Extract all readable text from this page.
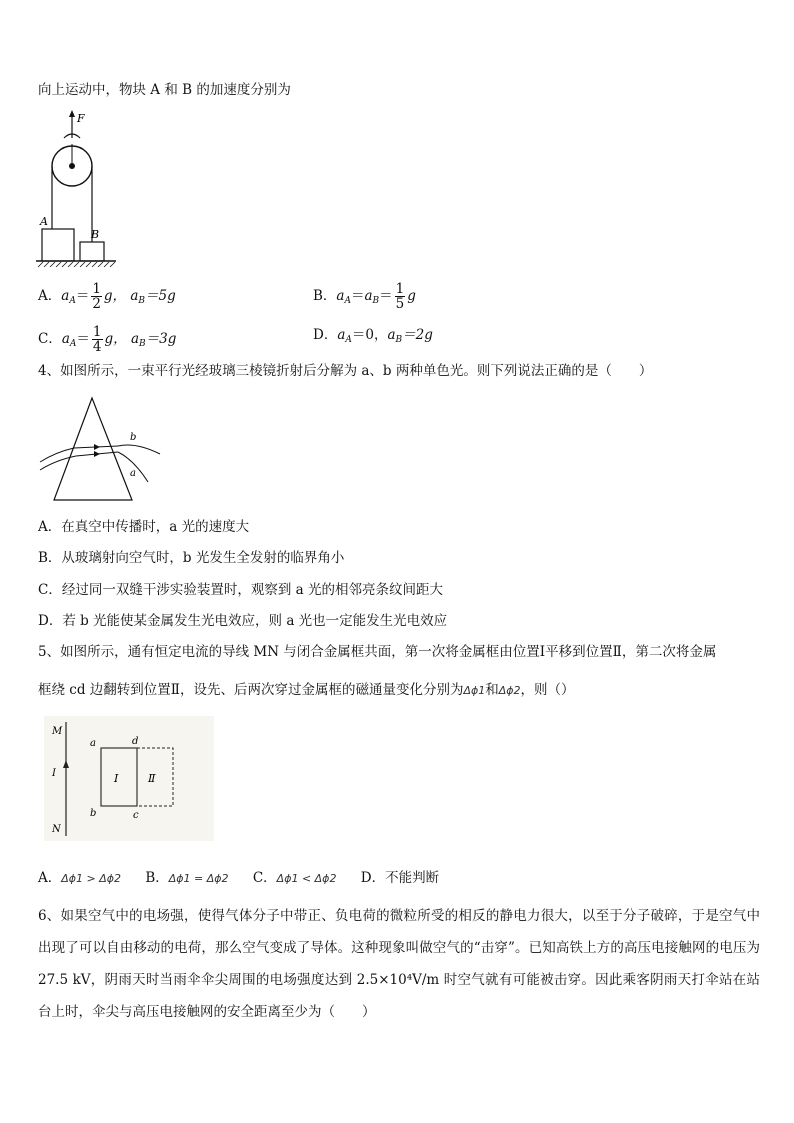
向上运动中，物块 A 和 B 的加速度分别为
F
A
B
A．$a_A= \frac{1}{2}$ g， $a_B=5g$	B．$a_A=a_B= \frac{1}{5}$ g
C．$a_A= \frac{1}{4}$ g， $a_B=3g$	D．$a_A=0$，$a_B=2g$
4、如图所示，一束平行光经玻璃三棱镜折射后分解为 a、b 两种单色光。则下列说法正确的是（　　）
b
a
A．在真空中传播时，a 光的速度大
B．从玻璃射向空气时，b 光发生全发射的临界角小
C．经过同一双缝干涉实验装置时，观察到 a 光的相邻亮条纹间距大
D．若 b 光能使某金属发生光电效应，则 a 光也一定能发生光电效应
5、如图所示，通有恒定电流的导线 MN 与闭合金属框共面，第一次将金属框由位置Ⅰ平移到位置Ⅱ，第二次将金属
框绕 cd 边翻转到位置Ⅱ，设先、后两次穿过金属框的磁通量变化分别为Δϕ1和Δϕ2，则（）
M
I
N
a	d
b	c
Ⅰ	Ⅱ
A．Δϕ1 > Δϕ2 B．Δϕ1 = Δϕ2 C．Δϕ1 < Δϕ2 D．不能判断
6、如果空气中的电场强，使得气体分子中带正、负电荷的微粒所受的相反的静电力很大，以至于分子破碎，于是空气中出现了可以自由移动的电荷，那么空气变成了导体。这种现象叫做空气的“击穿”。已知高铁上方的高压电接触网的电压为 27.5 kV，阴雨天时当雨伞伞尖周围的电场强度达到 2.5×10⁴V/m 时空气就有可能被击穿。因此乘客阴雨天打伞站在站台上时，伞尖与高压电接触网的安全距离至少为（　　）
